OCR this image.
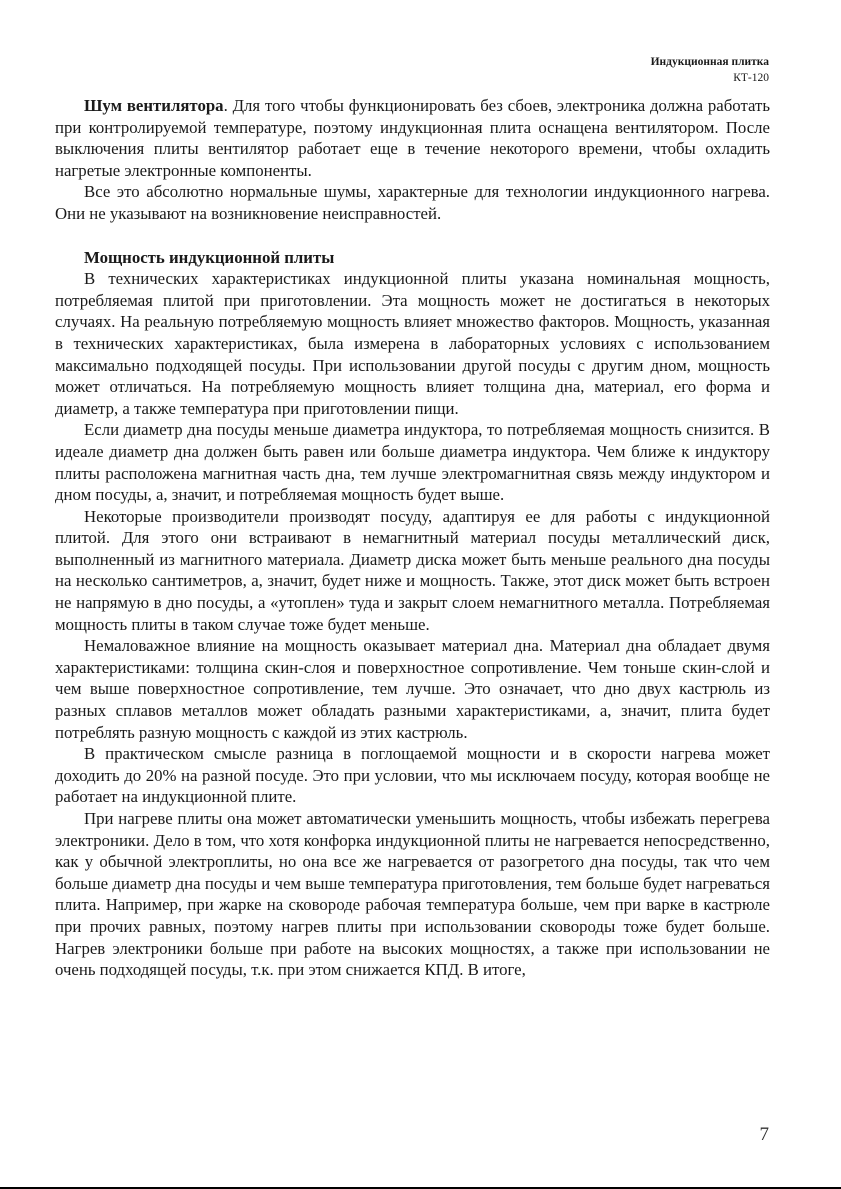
Индукционная плитка
КТ-120

Шум вентилятора. Для того чтобы функционировать без сбоев, электроника должна работать при контролируемой температуре, поэтому индукционная плита оснащена вентилятором. После выключения плиты вентилятор работает еще в течение некоторого времени, чтобы охладить нагретые электронные компоненты.

Все это абсолютно нормальные шумы, характерные для технологии индукционного нагрева. Они не указывают на возникновение неисправностей.

Мощность индукционной плиты

В технических характеристиках индукционной плиты указана номинальная мощность, потребляемая плитой при приготовлении. Эта мощность может не достигаться в некоторых случаях. На реальную потребляемую мощность влияет множество факторов. Мощность, указанная в технических характеристиках, была измерена в лабораторных условиях с использованием максимально подходящей посуды. При использовании другой посуды с другим дном, мощность может отличаться. На потребляемую мощность влияет толщина дна, материал, его форма и диаметр, а также температура при приготовлении пищи.

Если диаметр дна посуды меньше диаметра индуктора, то потребляемая мощность снизится. В идеале диаметр дна должен быть равен или больше диаметра индуктора. Чем ближе к индуктору плиты расположена магнитная часть дна, тем лучше электромагнитная связь между индуктором и дном посуды, а, значит, и потребляемая мощность будет выше.

Некоторые производители производят посуду, адаптируя ее для работы с индукционной плитой. Для этого они встраивают в немагнитный материал посуды металлический диск, выполненный из магнитного материала. Диаметр диска может быть меньше реального дна посуды на несколько сантиметров, а, значит, будет ниже и мощность. Также, этот диск может быть встроен не напрямую в дно посуды, а «утоплен» туда и закрыт слоем немагнитного металла. Потребляемая мощность плиты в таком случае тоже будет меньше.

Немаловажное влияние на мощность оказывает материал дна. Материал дна обладает двумя характеристиками: толщина скин-слоя и поверхностное сопротивление. Чем тоньше скин-слой и чем выше поверхностное сопротивление, тем лучше. Это означает, что дно двух кастрюль из разных сплавов металлов может обладать разными характеристиками, а, значит, плита будет потреблять разную мощность с каждой из этих кастрюль.

В практическом смысле разница в поглощаемой мощности и в скорости нагрева может доходить до 20% на разной посуде. Это при условии, что мы исключаем посуду, которая вообще не работает на индукционной плите.

При нагреве плиты она может автоматически уменьшить мощность, чтобы избежать перегрева электроники. Дело в том, что хотя конфорка индукционной плиты не нагревается непосредственно, как у обычной электроплиты, но она все же нагревается от разогретого дна посуды, так что чем больше диаметр дна посуды и чем выше температура приготовления, тем больше будет нагреваться плита. Например, при жарке на сковороде рабочая температура больше, чем при варке в кастрюле при прочих равных, поэтому нагрев плиты при использовании сковороды тоже будет больше. Нагрев электроники больше при работе на высоких мощностях, а также при использовании не очень подходящей посуды, т.к. при этом снижается КПД. В итоге,

7
